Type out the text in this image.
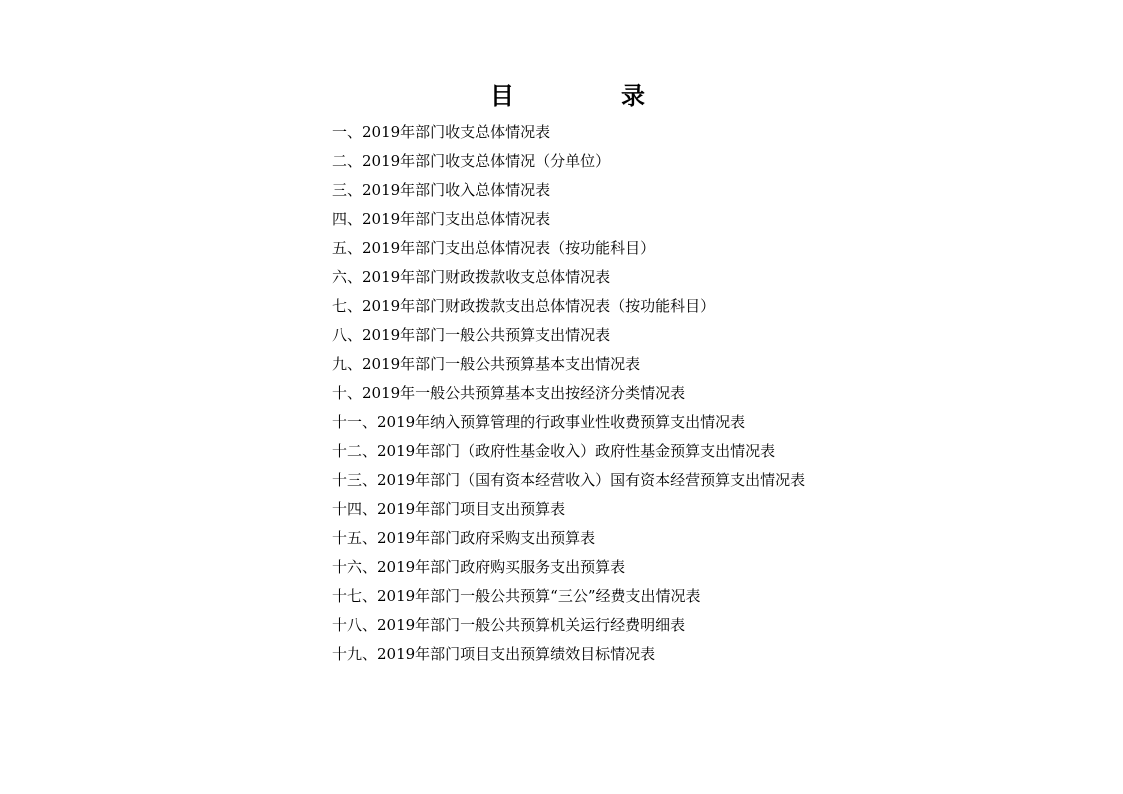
目	录
一、2019年部门收支总体情况表
二、2019年部门收支总体情况（分单位）
三、2019年部门收入总体情况表
四、2019年部门支出总体情况表
五、2019年部门支出总体情况表（按功能科目）
六、2019年部门财政拨款收支总体情况表
七、2019年部门财政拨款支出总体情况表（按功能科目）
八、2019年部门一般公共预算支出情况表
九、2019年部门一般公共预算基本支出情况表
十、2019年一般公共预算基本支出按经济分类情况表
十一、2019年纳入预算管理的行政事业性收费预算支出情况表
十二、2019年部门（政府性基金收入）政府性基金预算支出情况表
十三、2019年部门（国有资本经营收入）国有资本经营预算支出情况表
十四、2019年部门项目支出预算表
十五、2019年部门政府采购支出预算表
十六、2019年部门政府购买服务支出预算表
十七、2019年部门一般公共预算“三公”经费支出情况表
十八、2019年部门一般公共预算机关运行经费明细表
十九、2019年部门项目支出预算绩效目标情况表
